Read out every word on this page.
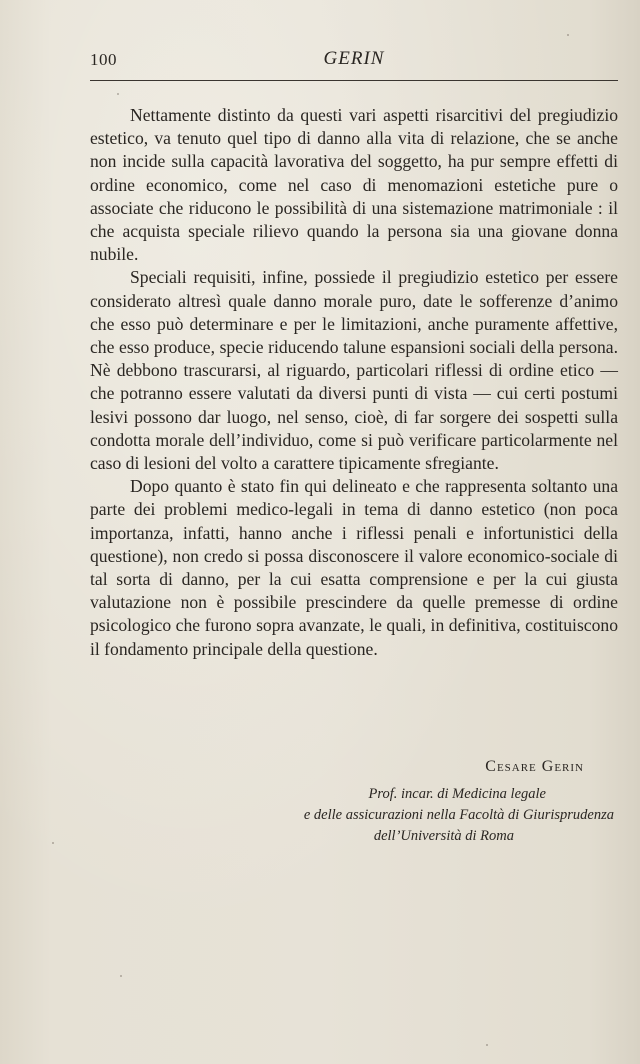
100	GERIN

Nettamente distinto da questi vari aspetti risarcitivi del pregiudizio estetico, va tenuto quel tipo di danno alla vita di relazione, che se anche non incide sulla capacità lavorativa del soggetto, ha pur sempre effetti di ordine economico, come nel caso di menomazioni estetiche pure o associate che riducono le possibilità di una sistemazione matrimoniale : il che acquista speciale rilievo quando la persona sia una giovane donna nubile.

Speciali requisiti, infine, possiede il pregiudizio estetico per essere considerato altresì quale danno morale puro, date le sofferenze d’animo che esso può determinare e per le limitazioni, anche puramente affettive, che esso produce, specie riducendo talune espansioni sociali della persona. Nè debbono trascurarsi, al riguardo, particolari riflessi di ordine etico — che potranno essere valutati da diversi punti di vista — cui certi postumi lesivi possono dar luogo, nel senso, cioè, di far sorgere dei sospetti sulla condotta morale dell’individuo, come si può verificare particolarmente nel caso di lesioni del volto a carattere tipicamente sfregiante.

Dopo quanto è stato fin qui delineato e che rappresenta soltanto una parte dei problemi medico-legali in tema di danno estetico (non poca importanza, infatti, hanno anche i riflessi penali e infortunistici della questione), non credo si possa disconoscere il valore economico-sociale di tal sorta di danno, per la cui esatta comprensione e per la cui giusta valutazione non è possibile prescindere da quelle premesse di ordine psicologico che furono sopra avanzate, le quali, in definitiva, costituiscono il fondamento principale della questione.

Cesare Gerin
Prof. incar. di Medicina legale
e delle assicurazioni nella Facoltà di Giurisprudenza
dell’Università di Roma
